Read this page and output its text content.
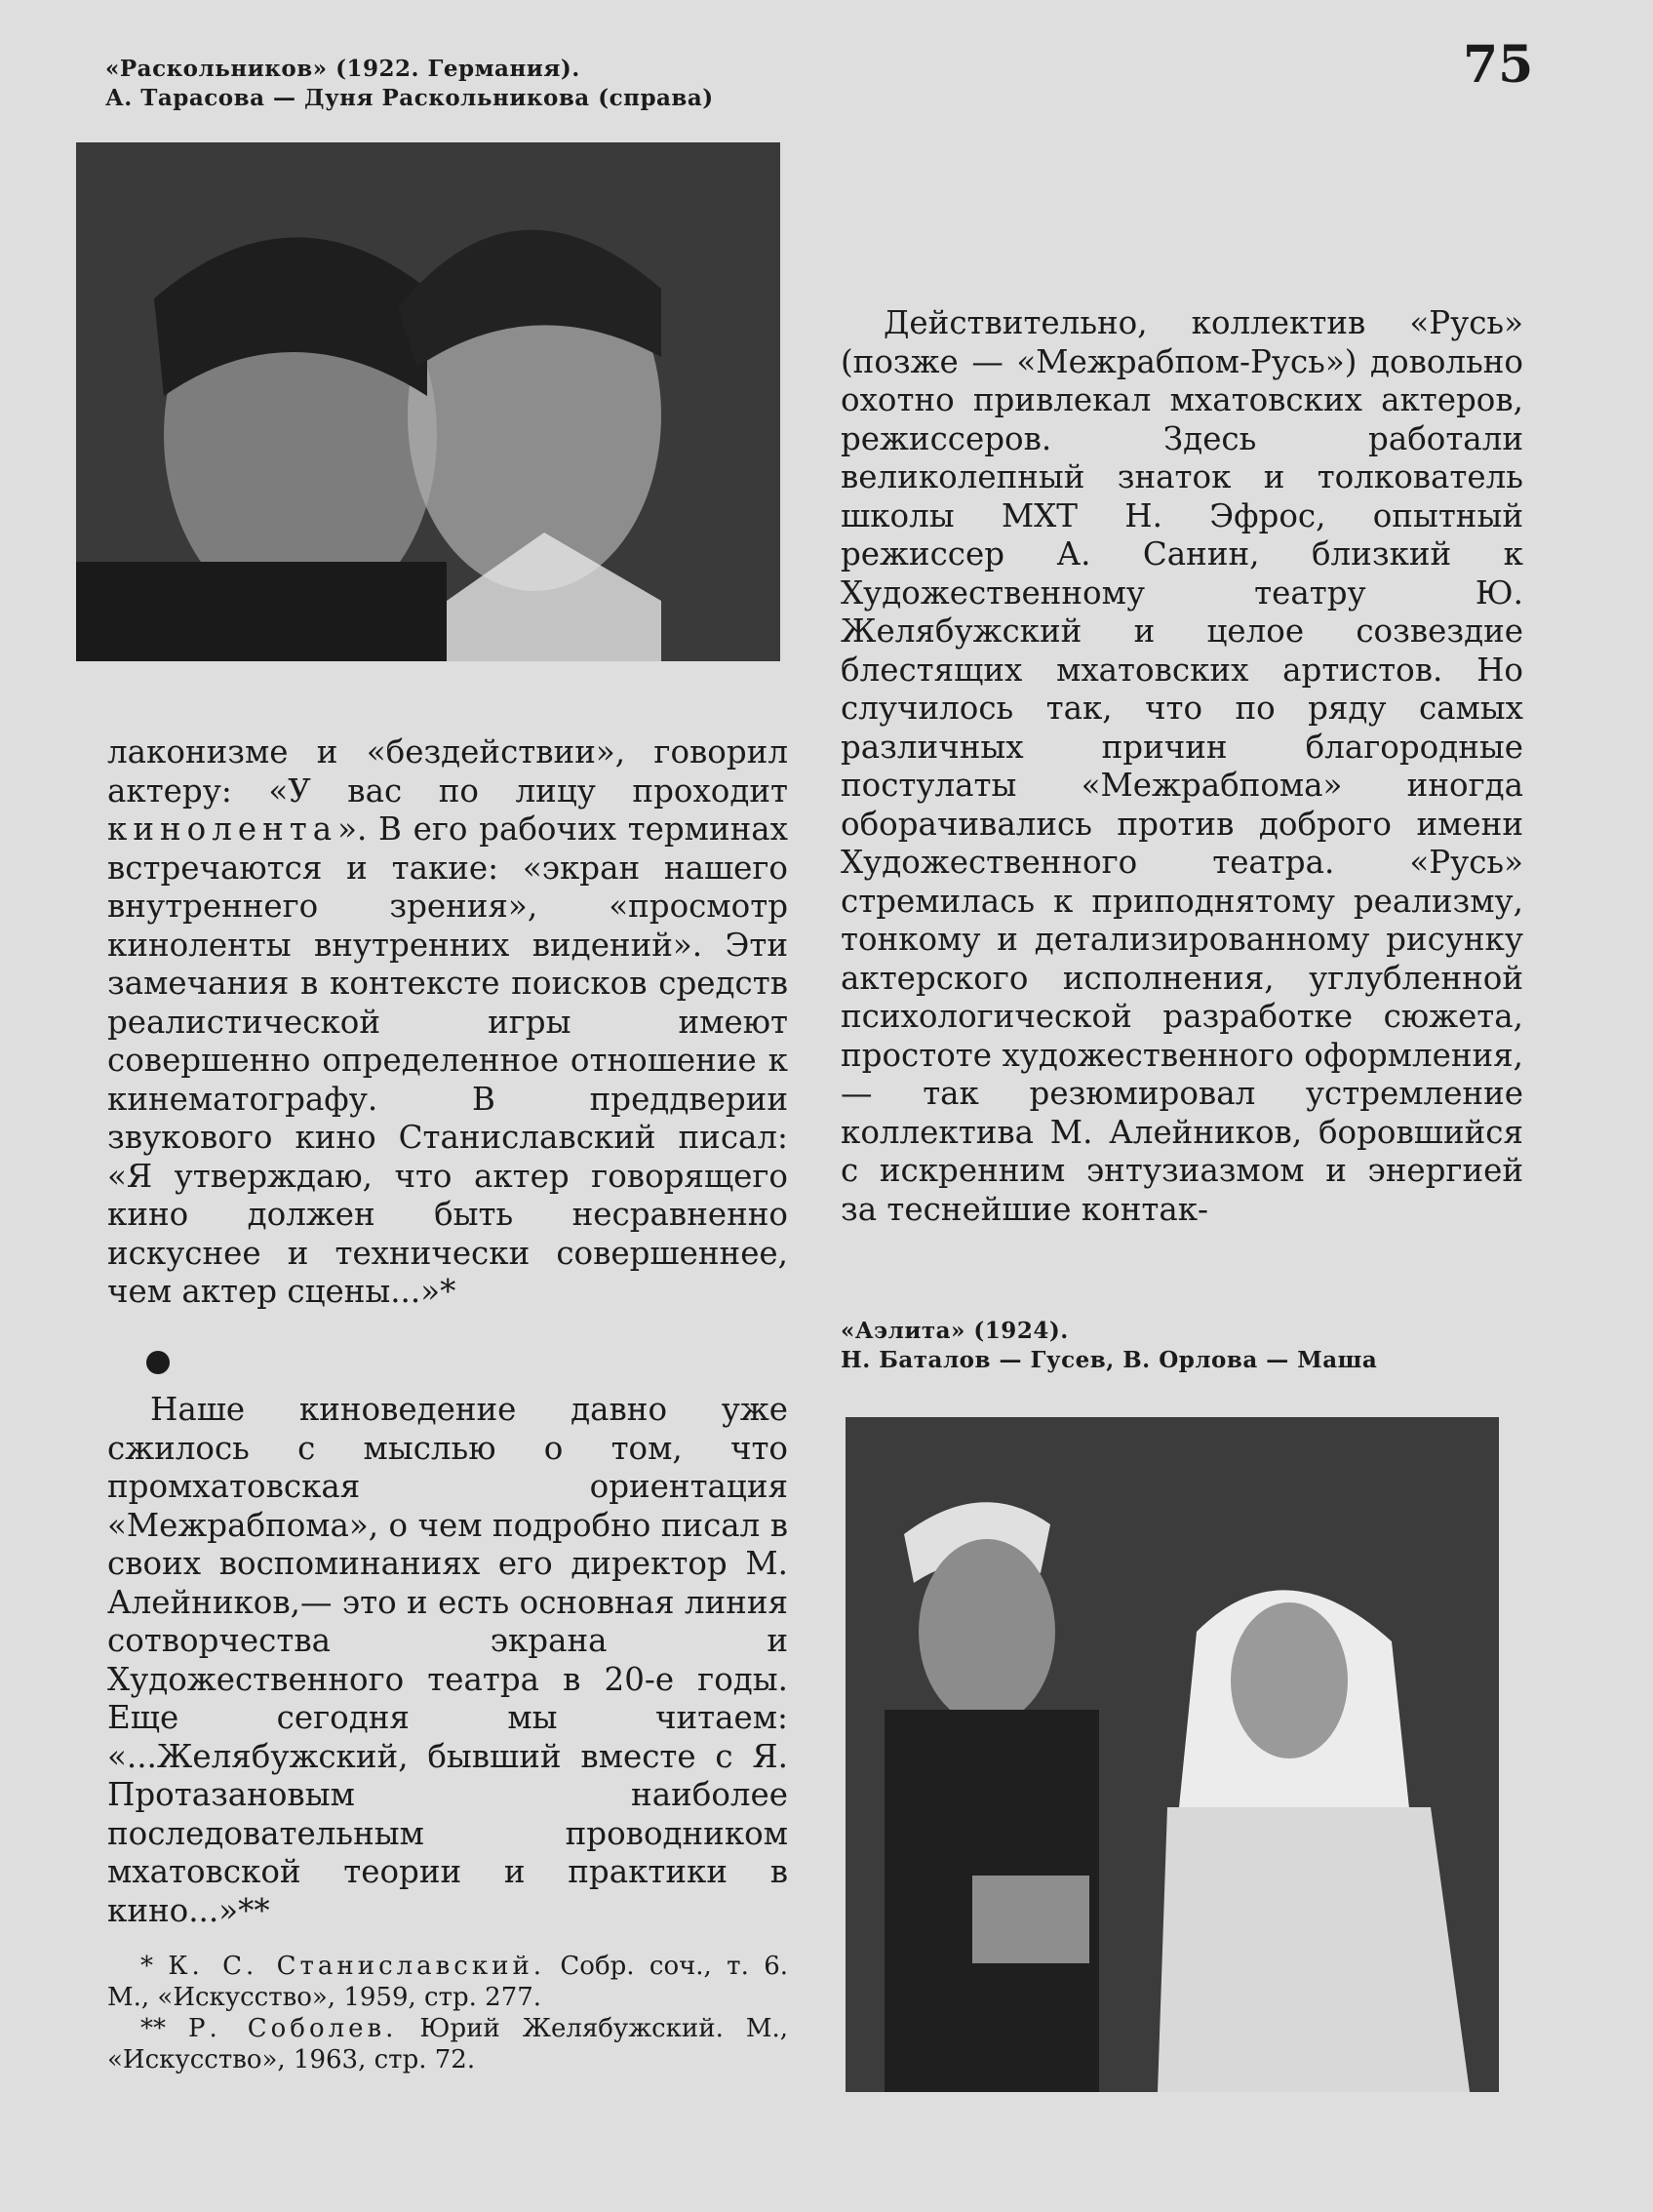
75
«Раскольников» (1922. Германия).
А. Тарасова — Дуня Раскольникова (справа)

лаконизме и «бездействии», говорил актеру: «У вас по лицу проходит кинолента». В его рабочих терминах встречаются и такие: «экран нашего внутреннего зрения», «просмотр киноленты внутренних видений». Эти замечания в контексте поисков средств реалистической игры имеют совершенно определенное отношение к кинематографу. В преддверии звукового кино Станиславский писал: «Я утверждаю, что актер говорящего кино должен быть несравненно искуснее и технически совершеннее, чем актер сцены...»*

Наше киноведение давно уже сжилось с мыслью о том, что промхатовская ориентация «Межрабпома», о чем подробно писал в своих воспоминаниях его директор М. Алейников,— это и есть основная линия сотворчества экрана и Художественного театра в 20-е годы. Еще сегодня мы читаем: «...Желябужский, бывший вместе с Я. Протазановым наиболее последовательным проводником мхатовской теории и практики в кино...»**

* К. С. Станиславский. Собр. соч., т. 6. М., «Искусство», 1959, стр. 277.

** Р. Соболев. Юрий Желябужский. М., «Искусство», 1963, стр. 72.

Действительно, коллектив «Русь» (позже — «Межрабпом-Русь») довольно охотно привлекал мхатовских актеров, режиссеров. Здесь работали великолепный знаток и толкователь школы МХТ Н. Эфрос, опытный режиссер А. Санин, близкий к Художественному театру Ю. Желябужский и целое созвездие блестящих мхатовских артистов. Но случилось так, что по ряду самых различных причин благородные постулаты «Межрабпома» иногда оборачивались против доброго имени Художественного театра. «Русь» стремилась к приподнятому реализму, тонкому и детализированному рисунку актерского исполнения, углубленной психологической разработке сюжета, простоте художественного оформления, — так резюмировал устремление коллектива М. Алейников, боровшийся с искренним энтузиазмом и энергией за теснейшие контак-

«Аэлита» (1924).
Н. Баталов — Гусев, В. Орлова — Маша
